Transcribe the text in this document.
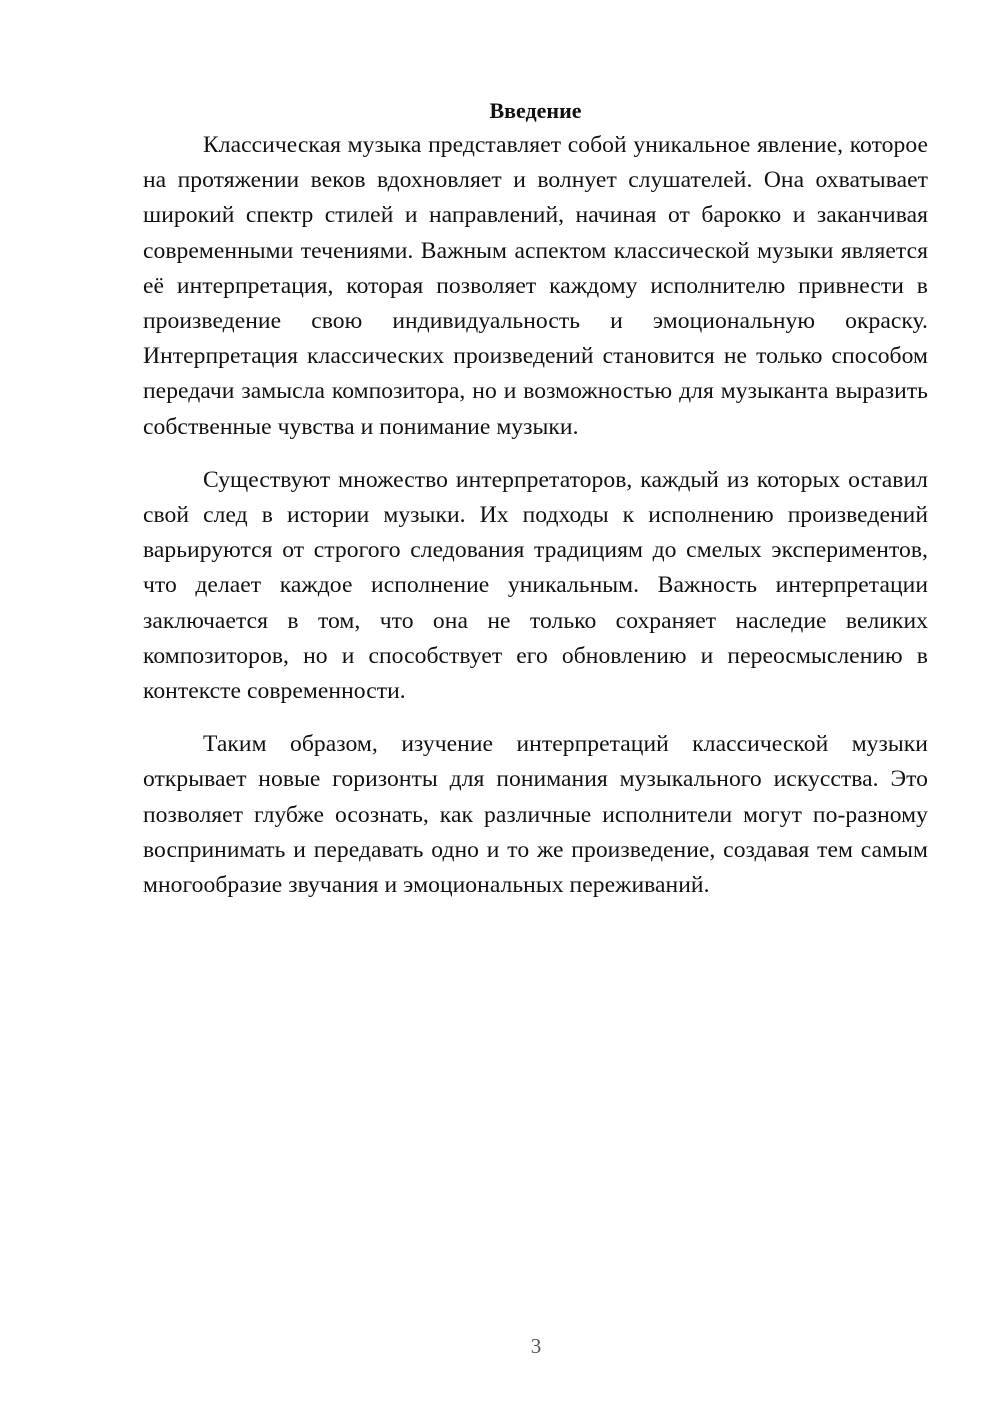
Введение

Классическая музыка представляет собой уникальное явление, которое на протяжении веков вдохновляет и волнует слушателей. Она охватывает широкий спектр стилей и направлений, начиная от барокко и заканчивая современными течениями. Важным аспектом классической музыки является её интерпретация, которая позволяет каждому исполнителю привнести в произведение свою индивидуальность и эмоциональную окраску. Интерпретация классических произведений становится не только способом передачи замысла композитора, но и возможностью для музыканта выразить собственные чувства и понимание музыки.

Существуют множество интерпретаторов, каждый из которых оставил свой след в истории музыки. Их подходы к исполнению произведений варьируются от строгого следования традициям до смелых экспериментов, что делает каждое исполнение уникальным. Важность интерпретации заключается в том, что она не только сохраняет наследие великих композиторов, но и способствует его обновлению и переосмыслению в контексте современности.

Таким образом, изучение интерпретаций классической музыки открывает новые горизонты для понимания музыкального искусства. Это позволяет глубже осознать, как различные исполнители могут по-разному воспринимать и передавать одно и то же произведение, создавая тем самым многообразие звучания и эмоциональных переживаний.

3
